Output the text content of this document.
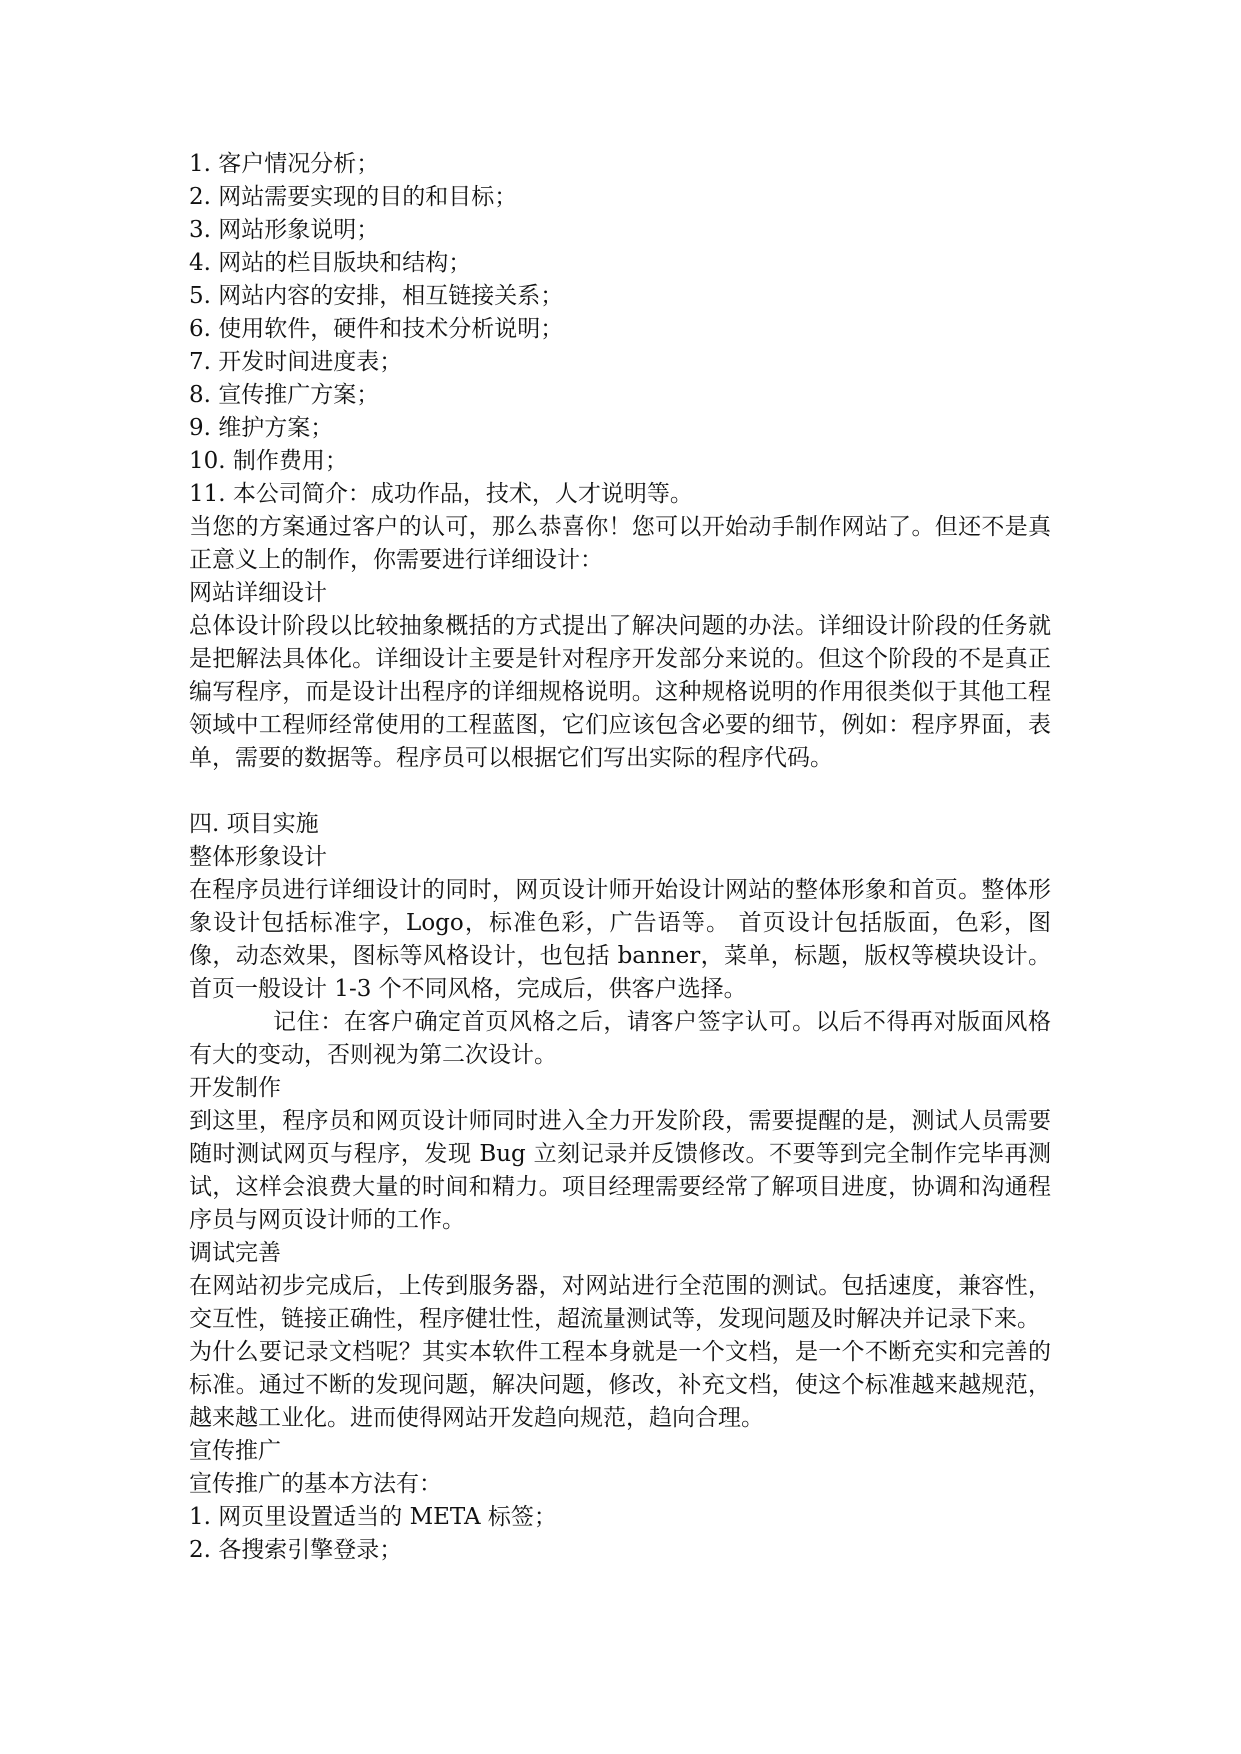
1. 客户情况分析；
2. 网站需要实现的目的和目标；
3. 网站形象说明；
4. 网站的栏目版块和结构；
5. 网站内容的安排，相互链接关系；
6. 使用软件，硬件和技术分析说明；
7. 开发时间进度表；
8. 宣传推广方案；
9. 维护方案；
10. 制作费用；
11. 本公司简介：成功作品，技术，人才说明等。

当您的方案通过客户的认可，那么恭喜你！您可以开始动手制作网站了。但还不是真正意义上的制作，你需要进行详细设计：

网站详细设计

总体设计阶段以比较抽象概括的方式提出了解决问题的办法。详细设计阶段的任务就是把解法具体化。详细设计主要是针对程序开发部分来说的。但这个阶段的不是真正编写程序，而是设计出程序的详细规格说明。这种规格说明的作用很类似于其他工程领域中工程师经常使用的工程蓝图，它们应该包含必要的细节，例如：程序界面，表单，需要的数据等。程序员可以根据它们写出实际的程序代码。

四. 项目实施
整体形象设计

在程序员进行详细设计的同时，网页设计师开始设计网站的整体形象和首页。整体形象设计包括标准字，Logo，标准色彩，广告语等。 首页设计包括版面，色彩，图像，动态效果，图标等风格设计，也包括 banner，菜单，标题，版权等模块设计。首页一般设计 1-3 个不同风格，完成后，供客户选择。

记住：在客户确定首页风格之后，请客户签字认可。以后不得再对版面风格有大的变动，否则视为第二次设计。

开发制作

到这里，程序员和网页设计师同时进入全力开发阶段，需要提醒的是，测试人员需要随时测试网页与程序，发现 Bug 立刻记录并反馈修改。不要等到完全制作完毕再测试，这样会浪费大量的时间和精力。项目经理需要经常了解项目进度，协调和沟通程序员与网页设计师的工作。

调试完善

在网站初步完成后，上传到服务器，对网站进行全范围的测试。包括速度，兼容性，交互性，链接正确性，程序健壮性，超流量测试等，发现问题及时解决并记录下来。

为什么要记录文档呢？其实本软件工程本身就是一个文档，是一个不断充实和完善的标准。通过不断的发现问题，解决问题，修改，补充文档，使这个标准越来越规范，越来越工业化。进而使得网站开发趋向规范，趋向合理。

宣传推广
宣传推广的基本方法有：
1. 网页里设置适当的 META 标签；
2. 各搜索引擎登录；
